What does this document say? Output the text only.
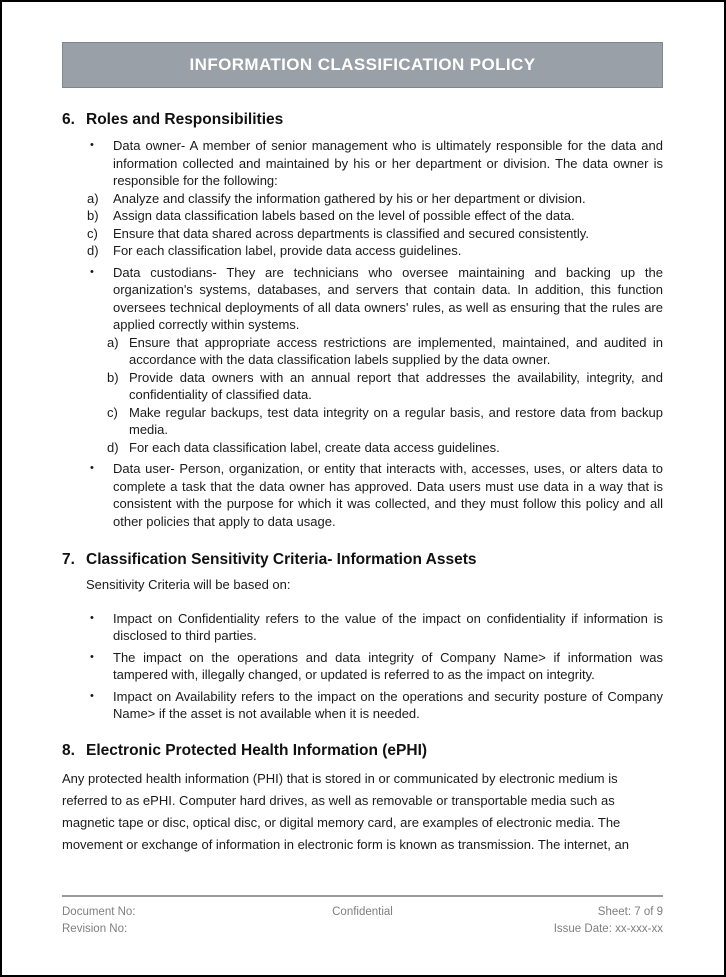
INFORMATION CLASSIFICATION POLICY
6. Roles and Responsibilities
•	Data owner- A member of senior management who is ultimately responsible for the data and information collected and maintained by his or her department or division. The data owner is responsible for the following:
a)	Analyze and classify the information gathered by his or her department or division.
b)	Assign data classification labels based on the level of possible effect of the data.
c)	Ensure that data shared across departments is classified and secured consistently.
d)	For each classification label, provide data access guidelines.
•	Data custodians- They are technicians who oversee maintaining and backing up the organization's systems, databases, and servers that contain data. In addition, this function oversees technical deployments of all data owners' rules, as well as ensuring that the rules are applied correctly within systems.
a) Ensure that appropriate access restrictions are implemented, maintained, and audited in accordance with the data classification labels supplied by the data owner.
b) Provide data owners with an annual report that addresses the availability, integrity, and confidentiality of classified data.
c) Make regular backups, test data integrity on a regular basis, and restore data from backup media.
d) For each data classification label, create data access guidelines.
•	Data user- Person, organization, or entity that interacts with, accesses, uses, or alters data to complete a task that the data owner has approved. Data users must use data in a way that is consistent with the purpose for which it was collected, and they must follow this policy and all other policies that apply to data usage.
7. Classification Sensitivity Criteria- Information Assets
Sensitivity Criteria will be based on:
•	Impact on Confidentiality refers to the value of the impact on confidentiality if information is disclosed to third parties.
•	The impact on the operations and data integrity of Company Name> if information was tampered with, illegally changed, or updated is referred to as the impact on integrity.
•	Impact on Availability refers to the impact on the operations and security posture of Company Name> if the asset is not available when it is needed.
8. Electronic Protected Health Information (ePHI)
Any protected health information (PHI) that is stored in or communicated by electronic medium is referred to as ePHI. Computer hard drives, as well as removable or transportable media such as magnetic tape or disc, optical disc, or digital memory card, are examples of electronic media. The movement or exchange of information in electronic form is known as transmission. The internet, an
Document No:
Revision No:
Confidential	Sheet: 7 of 9
Issue Date: xx-xxx-xx
